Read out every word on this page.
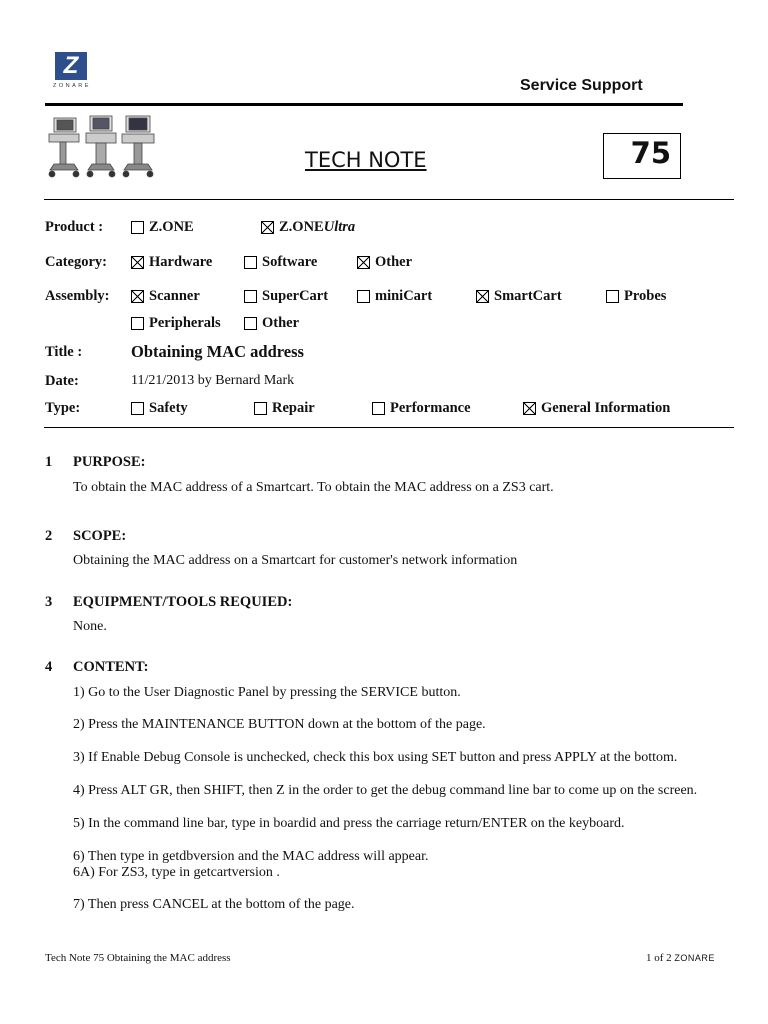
Z
ZONARE	Service Support
TECH NOTE	75
Product :	Z.ONE	Z.ONE Ultra
Category:	Hardware	Software	Other
Assembly:	Scanner	SuperCart	miniCart	SmartCart	Probes
Peripherals	Other
Title :	Obtaining MAC address
Date:	11/21/2013 by Bernard Mark
Type:	Safety	Repair	Performance	General Information
1 PURPOSE:
To obtain the MAC address of a Smartcart. To obtain the MAC address on a ZS3 cart.
2 SCOPE:
Obtaining the MAC address on a Smartcart for customer's network information
3 EQUIPMENT/TOOLS REQUIED:
None.
4 CONTENT:
1) Go to the User Diagnostic Panel by pressing the SERVICE button.
2) Press the MAINTENANCE BUTTON down at the bottom of the page.
3) If Enable Debug Console is unchecked, check this box using SET button and press APPLY at the bottom.
4) Press ALT GR, then SHIFT, then Z in the order to get the debug command line bar to come up on the screen.
5) In the command line bar, type in boardid and press the carriage return/ENTER on the keyboard.
6) Then type in getdbversion and the MAC address will appear.
6A) For ZS3, type in getcartversion .
7) Then press CANCEL at the bottom of the page.
Tech Note 75 Obtaining the MAC address	1 of 2 ZONARE
